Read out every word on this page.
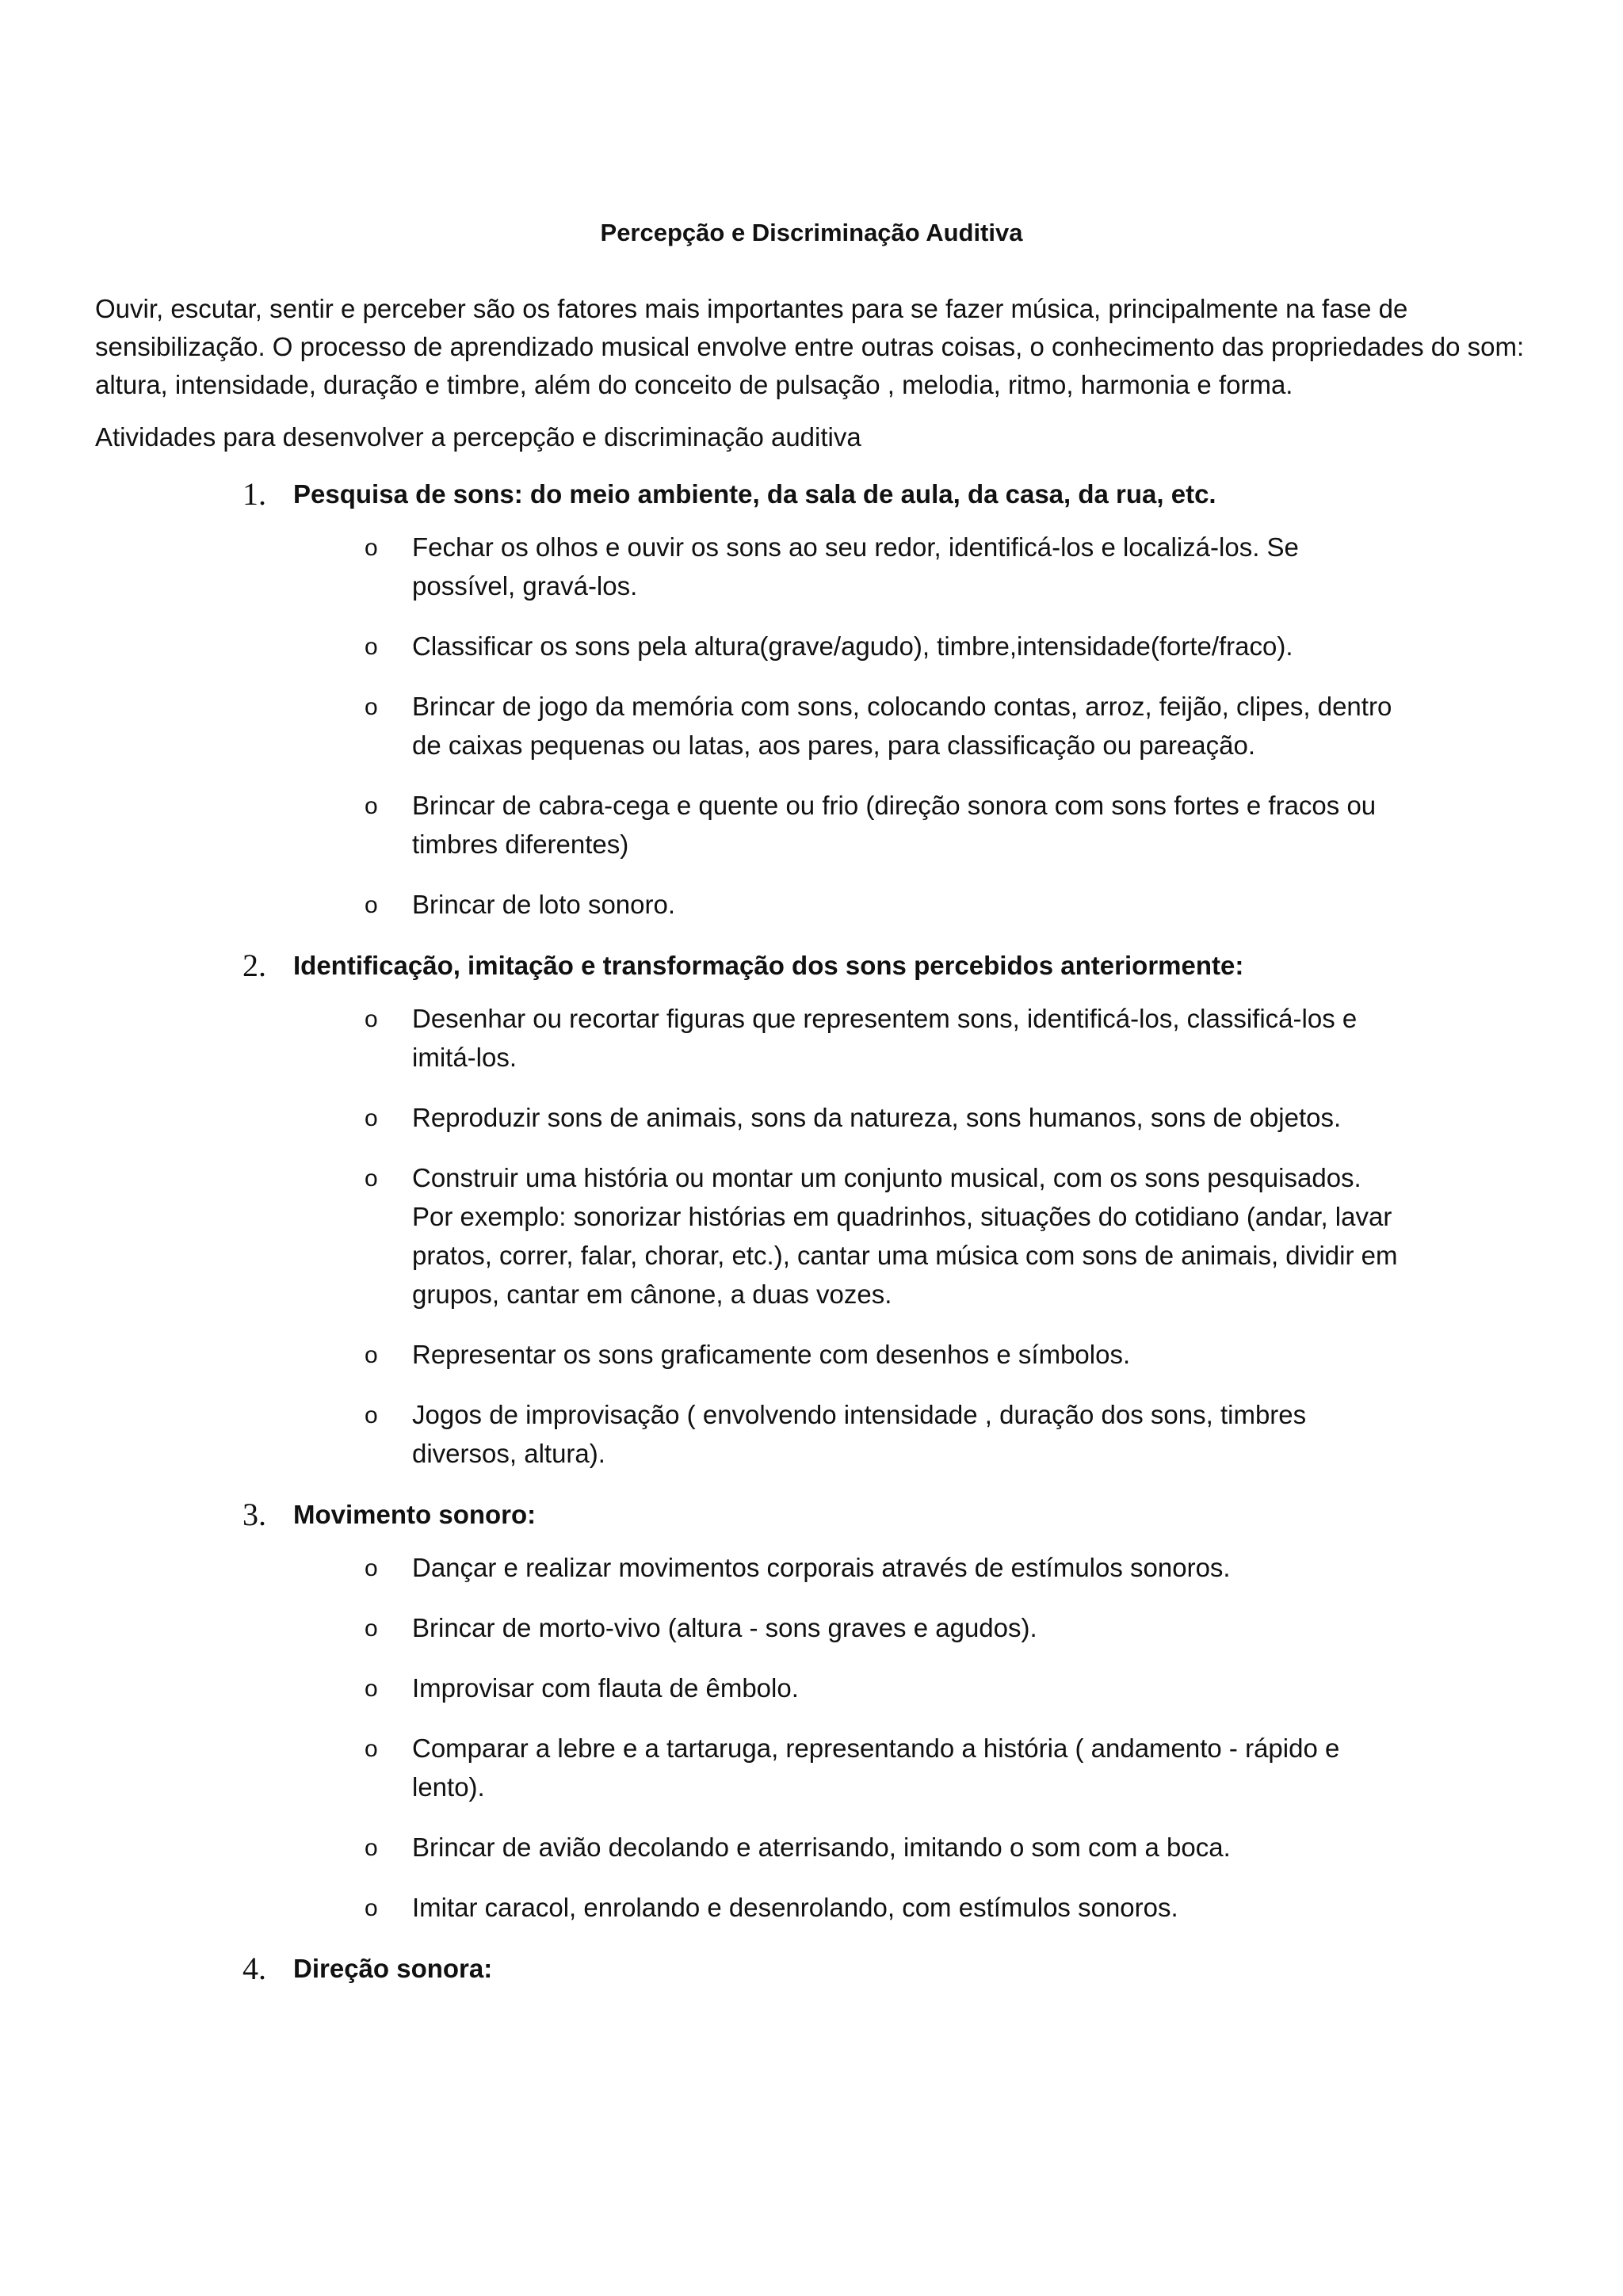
Percepção e Discriminação Auditiva

Ouvir, escutar, sentir e perceber são os fatores mais importantes para se fazer música, principalmente na fase de sensibilização. O processo de aprendizado musical envolve entre outras coisas, o conhecimento das propriedades do som: altura, intensidade, duração e timbre, além do conceito de pulsação , melodia, ritmo, harmonia e forma.

Atividades para desenvolver a percepção e discriminação auditiva

1. Pesquisa de sons: do meio ambiente, da sala de aula, da casa, da rua, etc.
o Fechar os olhos e ouvir os sons ao seu redor, identificá-los e localizá-los. Se possível, gravá-los.
o Classificar os sons pela altura(grave/agudo), timbre,intensidade(forte/fraco).
o Brincar de jogo da memória com sons, colocando contas, arroz, feijão, clipes, dentro de caixas pequenas ou latas, aos pares, para classificação ou pareação.
o Brincar de cabra-cega e quente ou frio (direção sonora com sons fortes e fracos ou timbres diferentes)
o Brincar de loto sonoro.
2. Identificação, imitação e transformação dos sons percebidos anteriormente:
o Desenhar ou recortar figuras que representem sons, identificá-los, classificá-los e imitá-los.
o Reproduzir sons de animais, sons da natureza, sons humanos, sons de objetos.
o Construir uma história ou montar um conjunto musical, com os sons pesquisados. Por exemplo: sonorizar histórias em quadrinhos, situações do cotidiano (andar, lavar pratos, correr, falar, chorar, etc.), cantar uma música com sons de animais, dividir em grupos, cantar em cânone, a duas vozes.
o Representar os sons graficamente com desenhos e símbolos.
o Jogos de improvisação ( envolvendo intensidade , duração dos sons, timbres diversos, altura).
3. Movimento sonoro:
o Dançar e realizar movimentos corporais através de estímulos sonoros.
o Brincar de morto-vivo (altura - sons graves e agudos).
o Improvisar com flauta de êmbolo.
o Comparar a lebre e a tartaruga, representando a história ( andamento - rápido e lento).
o Brincar de avião decolando e aterrisando, imitando o som com a boca.
o Imitar caracol, enrolando e desenrolando, com estímulos sonoros.
4. Direção sonora:
